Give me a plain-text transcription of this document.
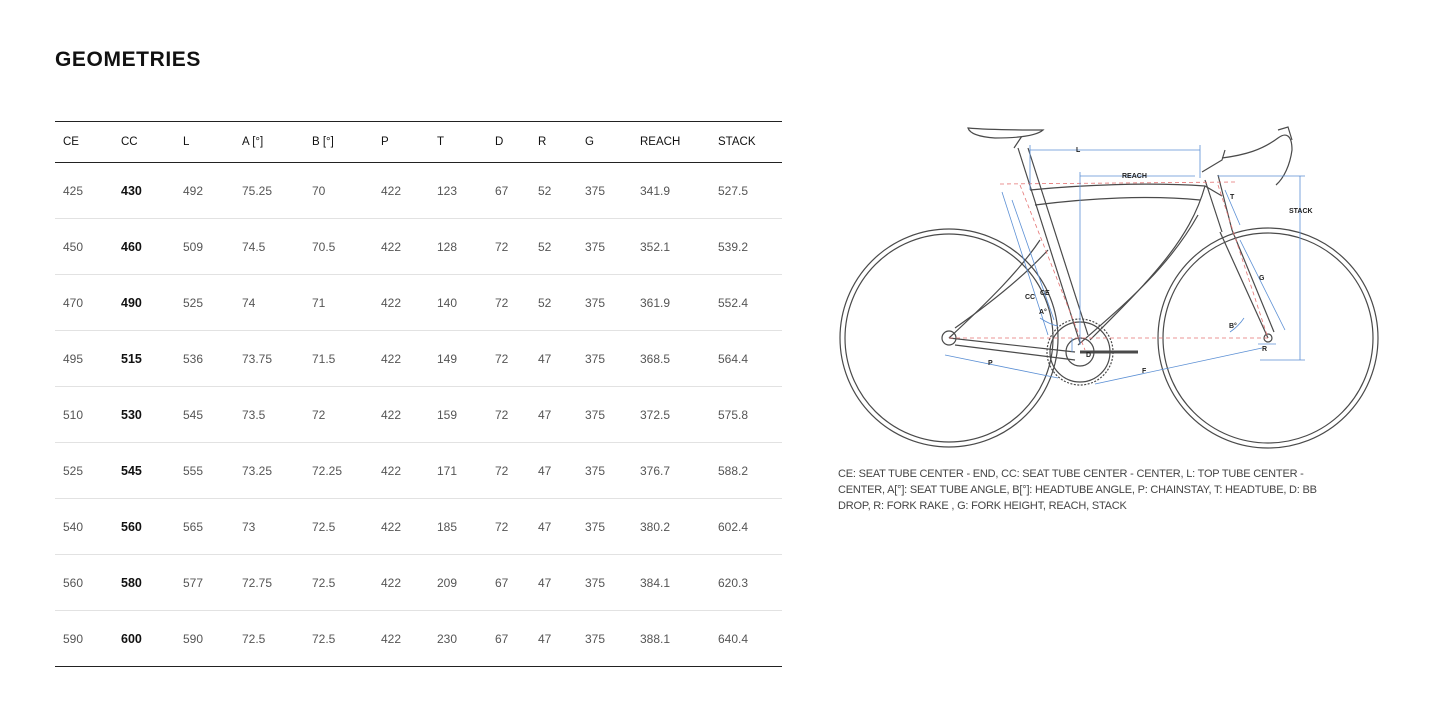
GEOMETRIES
CE	CC	L	A [°]	B [°]	P	T	D	R	G	REACH	STACK
425	430	492	75.25	70	422	123	67	52	375	341.9	527.5
450	460	509	74.5	70.5	422	128	72	52	375	352.1	539.2
470	490	525	74	71	422	140	72	52	375	361.9	552.4
495	515	536	73.75	71.5	422	149	72	47	375	368.5	564.4
510	530	545	73.5	72	422	159	72	47	375	372.5	575.8
525	545	555	73.25	72.25	422	171	72	47	375	376.7	588.2
540	560	565	73	72.5	422	185	72	47	375	380.2	602.4
560	580	577	72.75	72.5	422	209	67	47	375	384.1	620.3
590	600	590	72.5	72.5	422	230	67	47	375	388.1	640.4
L
REACH
STACK
T
G
CC
CE
A°
B°
P
D
F
R

CE: SEAT TUBE CENTER - END, CC: SEAT TUBE CENTER - CENTER, L: TOP TUBE CENTER - CENTER, A[°]: SEAT TUBE ANGLE, B[°]: HEADTUBE ANGLE, P: CHAINSTAY, T: HEADTUBE, D: BB DROP, R: FORK RAKE , G: FORK HEIGHT, REACH, STACK
